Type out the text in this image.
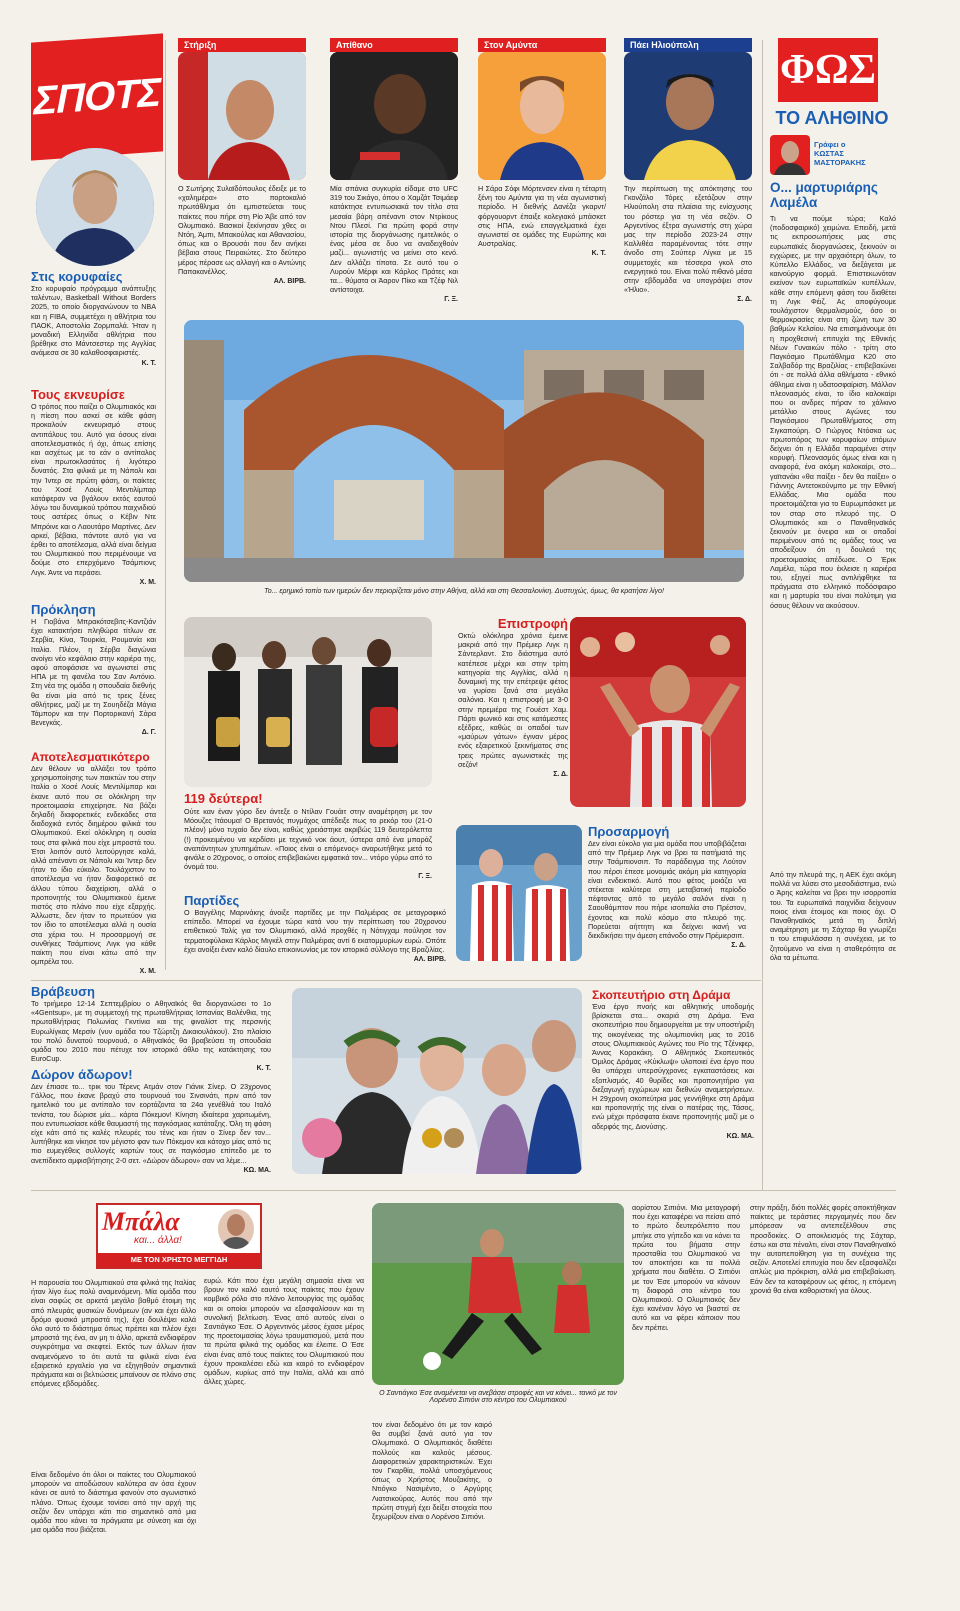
ΣΠΟΤΣ
Στις κορυφαίες
Στο κορυφαίο πρόγραμμα ανάπτυξης ταλέντων, Basketball Without Borders 2025, το οποίο διοργανώνουν το NBA και η FIBA, συμμετέχει η αθλήτρια του ΠΑΟΚ, Αποστολία Ζορμπαλά. Ήταν η μοναδική Ελληνίδα αθλήτρια που βρέθηκε στο Μάντσεστερ της Αγγλίας ανάμεσα σε 30 καλαθοσφαιριστές.
Κ. Τ.
Τους εκνευρίσε
Ο τρόπος που παίζει ο Ολυμπιακός και η πίεση που ασκεί σε κάθε φάση προκαλούν εκνευρισμό στους αντιπάλους του. Αυτό για όσους είναι αποτελεσματικός ή όχι, όπως επίσης και ασχέτως με το εάν ο αντίπαλος είναι πρωτοκλασάτος ή λιγότερο δυνατός. Στα φιλικά με τη Νάπολι και την Ίντερ σε πρώτη φάση, οι παίκτες του Χοσέ Λουίς Μεντιλίμπαρ κατάφεραν να βγάλουν εκτός εαυτού λόγω του δυναμικού τρόπου παιχνιδιού τους αστέρες όπως ο Κέβιν Ντε Μπρόινε και ο Λαουτάρο Μαρτίνες. Δεν αρκεί, βέβαια, πάντοτε αυτό για να έρθει το αποτέλεσμα, αλλά είναι δείγμα του Ολυμπιακού που περιμένουμε να δούμε στο επερχόμενο Τσάμπιονς Λιγκ. Άντε να περάσει.
Χ. Μ.
Πρόκληση
Η Γιοβάνα Μπρακότσεβιτς-Καντζιάν έχει κατακτήσει πληθώρα τίτλων σε Σερβία, Κίνα, Τουρκία, Ρουμανία και Ιταλία. Πλέον, η Σέρβα διαγώνια ανοίγει νέο κεφάλαιο στην καριέρα της, αφού αποφάσισε να αγωνιστεί στις ΗΠΑ με τη φανέλα του Σαν Αντόνιο. Στη νέα της ομάδα η σπουδαία διεθνής θα είναι μία από τις τρεις ξένες αθλήτριες, μαζί με τη Σουηδέζα Μάγια Τάμπορν και την Πορτορικανή Σάρα Βενεγκάς.
Δ. Γ.
Αποτελεσματικότερο
Δεν θέλουν να αλλάξει τον τρόπο χρησιμοποίησης των παικτών του στην Ιταλία ο Χοσέ Λουίς Μεντιλίμπαρ και έκανε αυτό που σε ολόκληρη την προετοιμασία επιχείρησε. Να βάζει δηλαδή διαφορετικές ενδεκάδες στα διαδοχικά εντός διημέρου φιλικά του Ολυμπιακού. Εκεί ολόκληρη η ουσία τους στα φιλικά που είχε μπροστά του. Έτσι λοιπόν αυτό λειτούργησε καλά, αλλά απέναντι σε Νάπολι και Ίντερ δεν ήταν το ίδιο εύκολο. Τουλάχιστον το αποτέλεσμα να ήταν διαφορετικό σε άλλου τύπου διαχείριση, αλλά ο προπονητής του Ολυμπιακού έμεινε πιστός στο πλάνο που είχε εξαρχής. Άλλωστε, δεν ήταν το πρωτεύον για τον ίδιο το αποτέλεσμα αλλά η ουσία στα χέρια του. Η προσαρμογή σε συνθήκες Τσάμπιονς Λιγκ για κάθε παίκτη που είναι κάτω από την ομπρέλα του.
Χ. Μ.
Στήριξη
Ο Σωτήρης Συλαϊδόπουλος έδειξε με το «χαλημέρα» στο πορτοκαλιό πρωτάθλημα ότι εμπιστεύεται τους παίκτες που πήρε στη Ρίο Άβε από τον Ολυμπιακό. Βασικοί ξεκίνησαν χθες οι Ντόη, Άμπι, Μπακούλας και Αθανασίου, όπως και ο Βρουσάι που δεν ανήκει βέβαια στους Πειραιώτες. Στο δεύτερο μέρος πέρασε ως αλλαγή και ο Αντώνης Παπακανέλλος.
ΑΛ. ΒΙΡΒ.
Απίθανο
Μία σπάνια συγκυρία είδαμε στο UFC 319 του Σικάγο, όπου ο Χαμζάτ Τσιμάεφ κατάκτησε εντυπωσιακά τον τίτλο στα μεσαία βάρη απέναντι στον Ντρίκους Ντου Πλεσί. Για πρώτη φορά στην ιστορία της διοργάνωσης ημιτελικός ο ένας μέσα σε δυο να αναδειχθούν μαζί... αγωνιστής να μείνει στο κενό. Δεν αλλάζει τίποτα. Σε αυτό του ο Λυρούν Μέρφι και Κάρλος Πράτες και τα... θύματα οι Άαρον Πίκο και Τζέφ Νιλ αντίστοιχα.
Γ. Ξ.
Στον Αμύντα
Η Σάρα Σόφι Μόρτενσεν είναι η τέταρτη ξένη του Αμύντα για τη νέα αγωνιστική περίοδο. Η διεθνής Δανέζα γκαρντ/φόργουορντ έπαιξε κολεγιακό μπάσκετ στις ΗΠΑ, ενώ επαγγελματικά έχει αγωνιστεί σε ομάδες της Ευρώπης και Αυστραλίας.
Κ. Τ.
Πάει Ηλιούπολη
Την περίπτωση της απόκτησης του Γκονζάλο Τόρες εξετάζουν στην Ηλιούπολη στα πλαίσια της ενίσχυσης του ρόστερ για τη νέα σεζόν. Ο Αργεντίνος έξτρα αγωνιστής στη χώρα μας την περίοδο 2023-24 στην Καλλιθέα παραμένοντας τότε στην άνοδο στη Σούπερ Λίγκα με 15 συμμετοχές και τέσσερα γκολ στο ενεργητικό του. Είναι πολύ πιθανό μέσα στην εβδομάδα να υπογράψει στον «Ήλιο».
Σ. Δ.
ΦΩΣ
ΤΟ ΑΛΗΘΙΝΟ
Γράφει ο
ΚΩΣΤΑΣ ΜΑΣΤΟΡΑΚΗΣ
Ο... μαρτυριάρης Λαμέλα
Τι να πούμε τώρα; Καλό (ποδοσφαιρικό) χειμώνα. Επειδή, μετά τις εκπροσωπήσεις μας στις ευρωπαϊκές διοργανώσεις, ξεκινούν οι εγχώριες, με την αρχαιότερη όλων, το Κύπελλο Ελλάδος, να διεξάγεται με καινούργιο φορμά. Επιστεκωνόταν εκείνον των ευρωπαϊκών κυπέλλων, κάθε στην επόμενη φάση του διαθέτει τη Λιγκ Φέιζ. Ας αποφύγουμε τουλάχιστον θερμαλισμούς, όσο οι θερμοκρασίες είναι στη ζώνη των 30 βαθμών Κελσίου. Να επισημάνουμε ότι η προχθεσινή επιτυχία της Εθνικής Νέων Γυναικών πόλο - τρίτη στο Παγκόσμιο Πρωτάθλημα Κ20 στο Σαλβαδόρ της Βραζιλίας - επιβεβαιώνει ότι - σε πολλά άλλα αθλήματα - εθνικό άθλημα είναι η υδατοσφαίριση. Μάλλον πλεονασμός είναι, το ίδιο καλοκαίρι που οι ανδρες πήραν το χάλκινο μετάλλιο στους Αγώνες του Παγκόσμιου Πρωταθλήματος στη Σιγκαπούρη. Ο Γιώργος Ντόσκα ως πρωτοπόρος των κορυφαίων ατόμων δείχνει ότι η Ελλάδα παραμένει στην κορυφή. Πλεονασμός όμως είναι και η αναφορά, ένα ακόμη καλοκαίρι, στο... γαϊτανάκι «θα παίξει - δεν θα παίξει» ο Γιάννης Αντετοκούνμπο με την Εθνική Ελλάδας. Μια ομάδα που προετοιμάζεται για το Ευρωμπάσκετ με τον σταρ στο πλευρό της. Ο Ολυμπιακός και ο Παναθηναϊκός ξεκινούν με όνειρα και οι οπαδοί περιμένουν από τις ομάδες τους να αποδείξουν ότι η δουλειά της προετοιμασίας απέδωσε. Ο Έρικ Λαμέλα, τώρα που έκλεισε η καριέρα του, εξηγεί πως αντιλήφθηκε τα πράγματα στο ελληνικό ποδόσφαιρο και η μαρτυρία του είναι πολύτιμη για όσους θέλουν να ακούσουν.
Από την πλευρά της, η ΑΕΚ έχει ακόμη πολλά να λύσει στο μεσοδιάστημα, ενώ ο Άρης καλείται να βρει την ισορροπία του. Τα ευρωπαϊκά παιχνίδια δείχνουν ποιος είναι έτοιμος και ποιος όχι. Ο Παναθηναϊκός μετά τη διπλή αναμέτρηση με τη Σάχταρ θα γνωρίζει τι του επιφυλάσσει η συνέχεια, με το ζητούμενο να είναι η σταθερότητα σε όλα τα μέτωπα.
Το... ερημικό τοπίο των ημερών δεν περιορίζεται μόνο στην Αθήνα, αλλά και στη Θεσσαλονίκη. Δυστυχώς, όμως, θα κρατήσει λίγο!
119 δεύτερα!
Ούτε καν έναν γύρο δεν άντεξε ο Ντίλαν Γουάιτ στην αναμέτρηση με τον Μόουζες Ιτάουμα! Ο Βρετανός πυγμάχος απέδειξε πως το ρεκόρ του (21-0 πλέον) μόνο τυχαίο δεν είναι, καθώς χρειάστηκε ακριβώς 119 δευτερόλεπτα (!) προκειμένου να κερδίσει με τεχνικό νοκ άουτ, ύστερα από ένα μπαράζ αναπάντητων χτυπημάτων. «Ποιος είναι ο επόμενος» αναρωτήθηκε μετά το φινάλε ο 20χρονος, ο οποίος επιβεβαιώνει εμφατικά τον... ντόρο γύρω από το όνομά του.
Γ. Ξ.
Επιστροφή
Οκτώ ολόκληρα χρόνια έμεινε μακριά από την Πρέμιερ Λιγκ η Σάντερλαντ. Στο διάστημα αυτό κατέπεσε μέχρι και στην τρίτη κατηγορία της Αγγλίας, αλλά η δυναμική της την επέτρεψε φέτος να γυρίσει ξανά στα μεγάλα σαλόνια. Και η επιστροφή με 3-0 στην πρεμιέρα της Γουέστ Χαμ. Πάρτι φωνικό και στις κατάμεστες εξέδρες, καθώς οι οπαδοί των «μαύρων γάτων» έγιναν μέρος ενός εξαιρετικού ξεκινήματος στις τρεις πρώτες αγωνιστικές της σεζόν!
Σ. Δ.
Παρτίδες
Ο Βαγγέλης Μαρινάκης άνοιξε παρτίδες με την Παλμέιρας σε μεταγραφικό επίπεδο. Μπορεί να έχουμε τώρα κατά νου την περίπτωση του 20χρονου επιθετικού Ταλίς για τον Ολυμπιακό, αλλά προχθές η Νότιγχαμ πούλησε τον τερματοφύλακα Κάρλος Μιγκέλ στην Παλμέιρας αντί 6 εκατομμυρίων ευρώ. Οπότε έχει ανοίξει έναν καλό δίαυλο επικοινωνίας με τον ιστορικό σύλλογο της Βραζιλίας.
ΑΛ. ΒΙΡΒ.
Προσαρμογή
Δεν είναι εύκολο για μια ομάδα που υποβιβάζεται από την Πρέμιερ Λιγκ να βρει τα πατήματά της στην Τσάμπιονσιπ. Το παράδειγμα της Λούτον που πέρσι έπεσε μονομιάς ακόμη μία κατηγορία είναι ενδεικτικό. Αυτό που φέτος μοιάζει να στέκεται καλύτερα στη μεταβατική περίοδο πέφτοντας από το μεγάλο σαλόνι είναι η Σαουθάμπτον που πήρε ισοπαλία στο Πρέστον, έχοντας και πολύ κόσμο στο πλευρό της. Πορεύεται αήττητη και δείχνει ικανή να διεκδικήσει την άμεση επάνοδο στην Πρέμιερσιπ.
Σ. Δ.
Βράβευση
Το τριήμερο 12-14 Σεπτεμβρίου ο Αθηναϊκός θα διοργανώσει το 1ο «4Gentsup», με τη συμμετοχή της πρωταθλήτριας Ισπανίας Βαλένθια, της πρωταθλήτριας Πολωνίας Γκντίνια και της φιναλίστ της περσινής Ευρωλίγκας Μερσίν (νυν ομάδα του Τζώρτζη Δικαιουλάκου). Στο πλαίσιο του πολύ δυνατού τουρνουά, ο Αθηναϊκός θα βραβεύσει τη σπουδαία ομάδα του 2010 που πέτυχε τον ιστορικό άθλο της κατάκτησης του EuroCup.
Κ. Τ.
Δώρον άδωρον!
Δεν έπιασε το... τρικ του Τέρενς Ατμάν στον Γιάνικ Σίνερ. Ο 23χρονος Γάλλος, που έκανε βραχύ στο τουρνουά του Σινσινάτι, πριν από τον ημιτελικό του με αντίπαλο τον εορτάζοντα τα 24α γενέθλιά του Ιταλό τενίστα, του δώρισε μία... κάρτα Πόκεμον! Κίνηση ιδιαίτερα χαριτωμένη, που εντυπωσίασε κάθε θαυμαστή της παγκόσμιας κατάταξης. Όλη τη φάση είχε κάτι από τις καλές πλευρές του τένις και ήταν ο Σίνερ δεν τον... λυπήθηκε και νίκησε τον μέγιστο φαν των Πόκεμον και κάτοχο μίας από τις πιο ευμεγέθεις συλλογές καρτών τους σε παγκόσμιο επίπεδο με το ανεπίδεκτο αμφισβήτησης 2-0 σετ. «Δώρον άδωρον» σαν να λέμε...
ΚΩ. ΜΑ.
Σκοπευτήριο στη Δράμα
Ένα έργο πνοής και αθλητικής υποδομής βρίσκεται στα... σκαριά στη Δράμα. Ένα σκοπευτήριο που δημιουργείται με την υποστήριξη της οικογένειας της ολυμπιονίκη μας το 2016 στους Ολυμπιακούς Αγώνες του Ρίο της Τζένιφερ, Άννας Κορακάκη. Ο Αθλητικός Σκοπευτικός Όμιλος Δράμας «Κύκλωψ» υλοποιεί ένα έργο που θα υπάρχει υπερσύγχρονες εγκαταστάσεις και εξοπλισμός, 40 θυρίδες και προπονητήριο για διεξαγωγή εγχώριων και διεθνών αναμετρήσεων. Η 29χρονη σκοπεύτρια μας γεννήθηκε στη Δράμα και προπονητής της είναι ο πατέρας της, Τάσος, ενώ μέχρι πρόσφατα έκανε προπονητής μαζί με ο αδερφός της, Διονύσης.
ΚΩ. ΜΑ.
Μπάλα
και... άλλα!
ΜΕ ΤΟΝ ΧΡΗΣΤΟ ΜΕΓΓΙΔΗ
Η παρουσία του Ολυμπιακού στα φιλικά της Ιταλίας ήταν λίγο έως πολύ αναμενόμενη. Μία ομάδα που είναι σαφώς σε αρκετά μεγάλο βαθμό έτοιμη της από πλευράς φυσικών δυνάμεων (αν και έχει άλλο δρόμο φυσικά μπροστά της), έχει δουλέψει καλά όλο αυτό το διάστημα όπως πρέπει και πλέον έχει μπροστά της ένα, αν μη τι άλλο, αρκετά ενδιαφέρον συγκρότημα να σκεφτεί. Εκτός των άλλων ήταν αναμενόμενο το ότι αυτά τα φιλικά είναι ένα εξαιρετικό εργαλείο για να εξηγηθούν σημαντικά πράγματα και οι βελτιώσεις μπαίνουν σε πλάνο στις επόμενες εβδομάδες.
Είναι δεδομένο ότι όλοι οι παίκτες του Ολυμπιακού μπορούν να αποδώσουν καλύτερα αν όσα έχουν κάνει σε αυτό το διάστημα φανούν στο αγωνιστικό πλάνο. Όπως έχουμε τονίσει από την αρχή της σεζόν δεν υπάρχει κάτι πιο σημαντικό από μια ομάδα που κάνει τα πράγματα με σύνεση και όχι μια ομάδα που βιάζεται.
ευρώ. Κάτι που έχει μεγάλη σημασία είναι να βρουν τον καλό εαυτό τους παίκτες που έχουν κομβικό ρόλο στο πλάνο λειτουργίας της ομάδας και οι οποίοι μπορούν να εξασφαλίσουν και τη συνολική βελτίωση. Ένας από αυτούς είναι ο Σαντιάγκο Έσε. Ο Αργεντινός μέσος έχασε μέρος της προετοιμασίας λόγω τραυματισμού, μετά που τα πρώτα φιλικά της ομάδας και έλειπε. Ο Έσε είναι ένας από τους παίκτες του Ολυμπιακού που έχουν προκαλέσει εδώ και καιρό το ενδιαφέρον ομάδων, κυρίως από την Ιταλία, αλλά και από άλλες χώρες.
Ο Σαντιάγκο Έσε αναμένεται να ανεβάσει στροφές και να κάνει... τανκό με τον Λορένσο Σιπιόνι στο κέντρο του Ολυμπιακού
τον είναι δεδομένο ότι με τον καιρό θα συμβεί ξανά αυτό για τον Ολυμπιακό. Ο Ολυμπιακός διαθέτει πολλούς και καλούς μέσους. Διαφορετικών χαρακτηριστικών. Έχει τον Γκαρθία, πολλά υποσχόμενους όπως ο Χρήστος Μουζακίτης, ο Ντιόγκο Νασιμέντο, ο Αργύρης Λιατσικούρας. Αυτός που από την πρώτη στιγμή έχει δείξει στοιχεία που ξεχωρίζουν είναι ο Λορένσο Σιπιόνι.
αορίστου Σιπιόνι. Μια μεταγραφή που έχει καταφέρει να πείσει από το πρώτο δευτερόλεπτο που μπήκε στο γήπεδο και να κάνει τα πρώτα του βήματα στην προσταθία του Ολυμπιακού να τον αποκτήσει και τα πολλά χρήματα που διαθέτει. Ο Σιπιόνι με τον Έσε μπορούν να κάνουν τη διαφορά στο κέντρο του Ολυμπιακού. Ο Ολυμπιακός δεν έχει κανέναν λόγο να βιαστεί σε αυτό και να φέρει κάποιον που δεν πρέπει.
στην πράξη, διότι πολλές φορές αποκτήθηκαν παίκτες με τεράστιες περγαμηνές που δεν μπόρεσαν να αντεπεξέλθουν στις προσδοκίες. Ο αποκλεισμός της Σάχταρ, έστω και στα πέναλτι, είναι στον Παναθηναϊκό την αυτοπεποίθηση για τη συνέχεια της σεζόν. Αποτελεί επιτυχία που δεν εξασφαλίζει απλώς μια πρόκριση, αλλά μια επιβεβαίωση. Εάν δεν τα καταφέρουν ως φέτος, η επόμενη χρονιά θα είναι καθοριστική για όλους.
